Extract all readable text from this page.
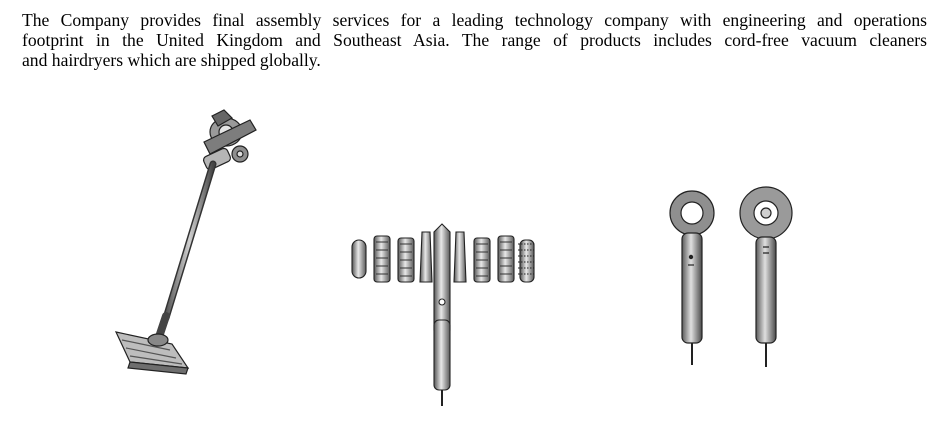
The Company provides final assembly services for a leading technology company with engineering and operations
footprint in the United Kingdom and Southeast Asia. The range of products includes cord-free vacuum cleaners
and hairdryers which are shipped globally.
